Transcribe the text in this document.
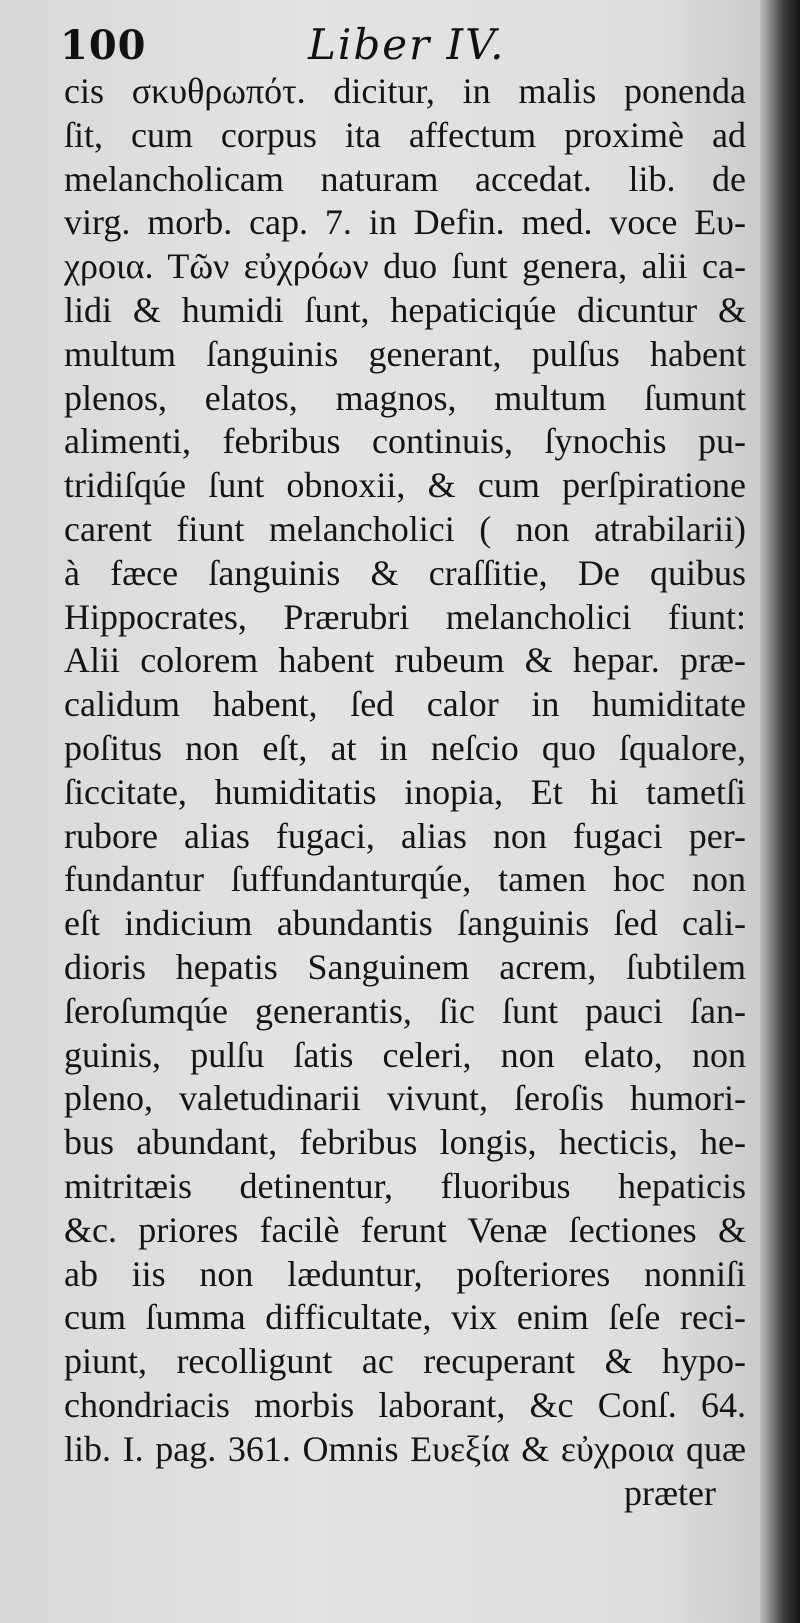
100	Liber IV.
cis σκυθρωπότ. dicitur, in malis ponenda
ſit, cum corpus ita affectum proximè ad
melancholicam naturam accedat. lib. de
virg. morb. cap. 7. in Defin. med. voce Ευ-
χροια. Τῶν εὐχρόων duo ſunt genera, alii ca-
lidi & humidi ſunt, hepaticiqúe dicuntur &
multum ſanguinis generant, pulſus habent
plenos, elatos, magnos, multum ſumunt
alimenti, febribus continuis, ſynochis pu-
tridiſqúe ſunt obnoxii, & cum perſpiratione
carent fiunt melancholici ( non atrabilarii)
à fæce ſanguinis & craſſitie, De quibus
Hippocrates, Prærubri melancholici fiunt:
Alii colorem habent rubeum & hepar. præ-
calidum habent, ſed calor in humiditate
poſitus non eſt, at in neſcio quo ſqualore,
ſiccitate, humiditatis inopia, Et hi tametſi
rubore alias fugaci, alias non fugaci per-
fundantur ſuffundanturqúe, tamen hoc non
eſt indicium abundantis ſanguinis ſed cali-
dioris hepatis Sanguinem acrem, ſubtilem
ſeroſumqúe generantis, ſic ſunt pauci ſan-
guinis, pulſu ſatis celeri, non elato, non
pleno, valetudinarii vivunt, ſeroſis humori-
bus abundant, febribus longis, hecticis, he-
mitritæis detinentur, fluoribus hepaticis
&c. priores facilè ferunt Venæ ſectiones &
ab iis non læduntur, poſteriores nonniſi
cum ſumma difficultate, vix enim ſeſe reci-
piunt, recolligunt ac recuperant & hypo-
chondriacis morbis laborant, &c Conſ. 64.
lib. I. pag. 361. Omnis Ευεξία & εὐχροια quæ
præter
